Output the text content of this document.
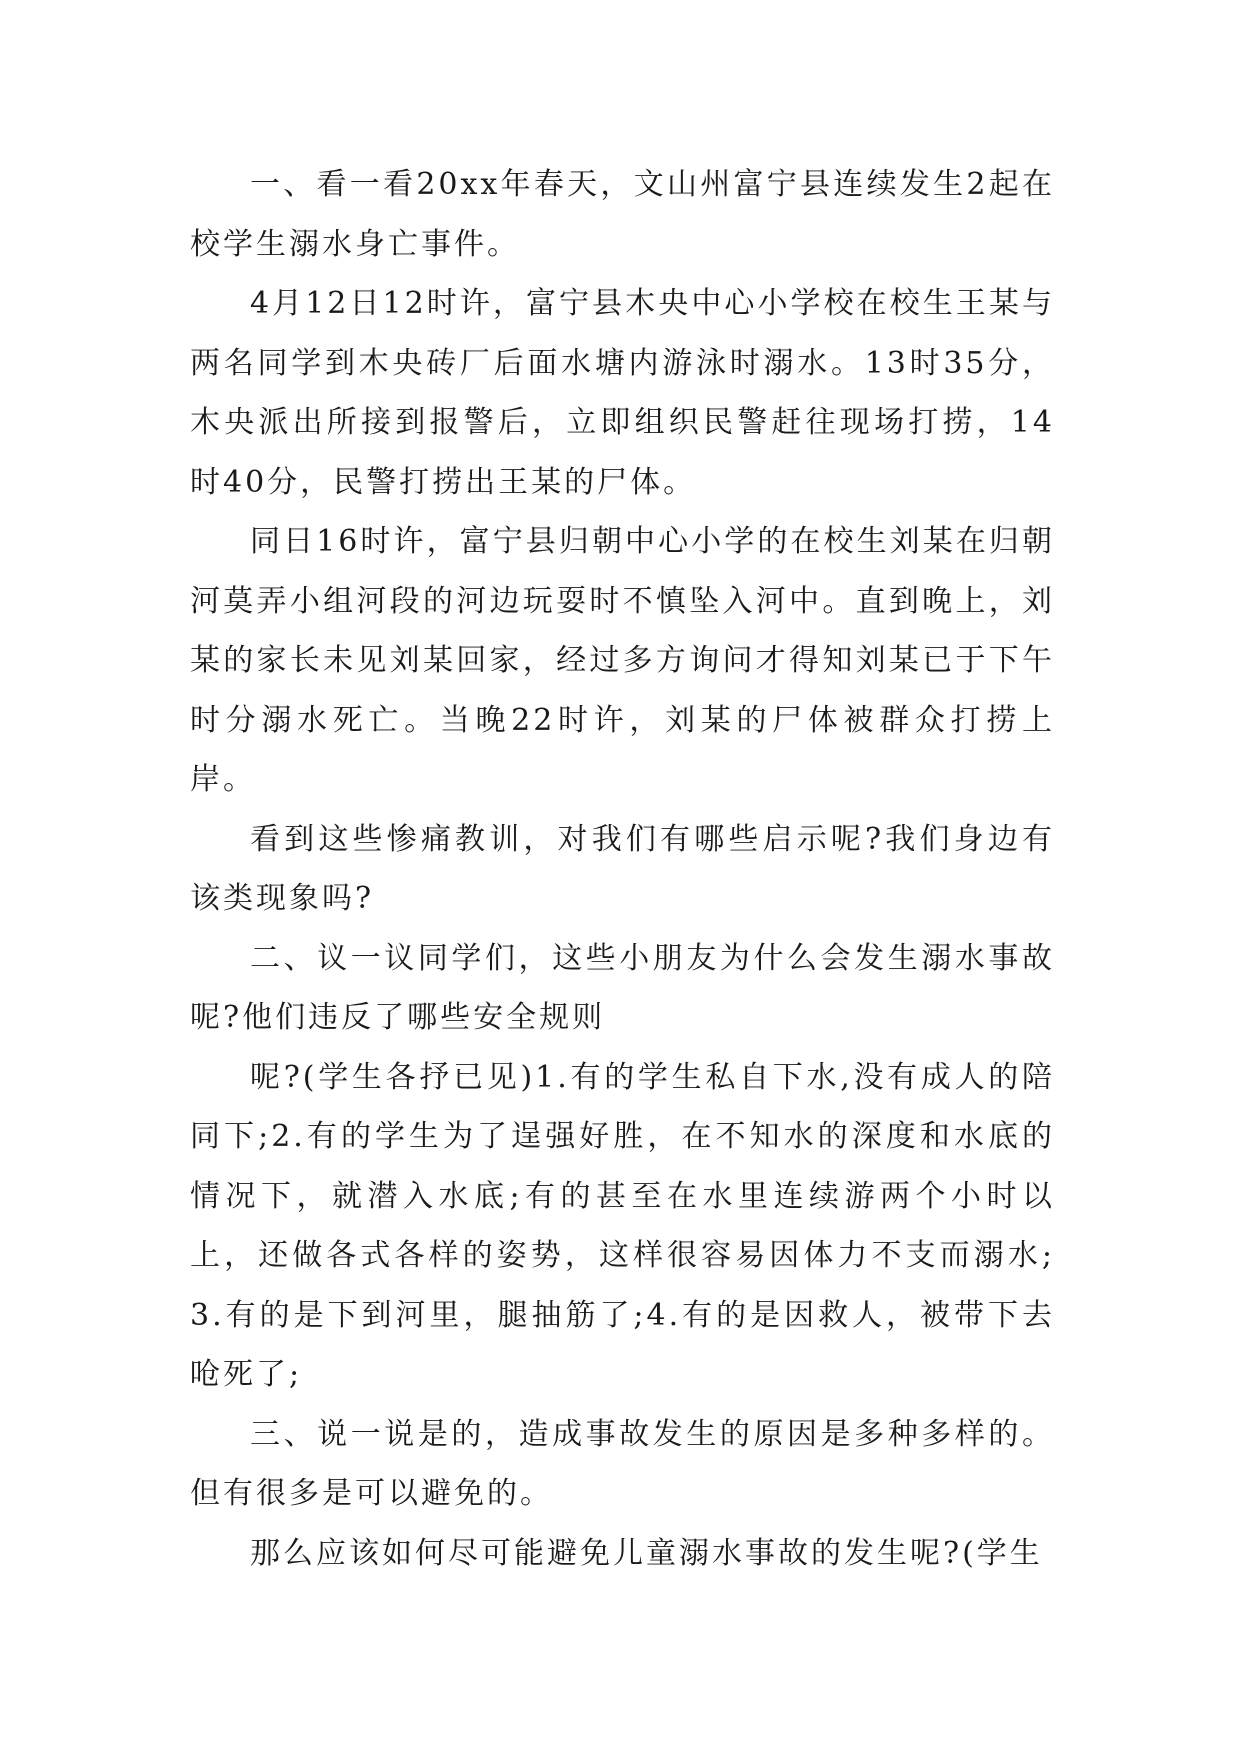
一、看一看20xx年春天，文山州富宁县连续发生2起在校学生溺水身亡事件。

4月12日12时许，富宁县木央中心小学校在校生王某与两名同学到木央砖厂后面水塘内游泳时溺水。13时35分，木央派出所接到报警后，立即组织民警赶往现场打捞，14时40分，民警打捞出王某的尸体。

同日16时许，富宁县归朝中心小学的在校生刘某在归朝河莫弄小组河段的河边玩耍时不慎坠入河中。直到晚上，刘某的家长未见刘某回家，经过多方询问才得知刘某已于下午时分溺水死亡。当晚22时许，刘某的尸体被群众打捞上岸。

看到这些惨痛教训，对我们有哪些启示呢?我们身边有该类现象吗?

二、议一议同学们，这些小朋友为什么会发生溺水事故呢?他们违反了哪些安全规则

呢?(学生各抒已见)1.有的学生私自下水,没有成人的陪同下;2.有的学生为了逞强好胜，在不知水的深度和水底的情况下，就潜入水底;有的甚至在水里连续游两个小时以上，还做各式各样的姿势，这样很容易因体力不支而溺水;3.有的是下到河里，腿抽筋了;4.有的是因救人，被带下去呛死了;

三、说一说是的，造成事故发生的原因是多种多样的。但有很多是可以避免的。

那么应该如何尽可能避免儿童溺水事故的发生呢?(学生
